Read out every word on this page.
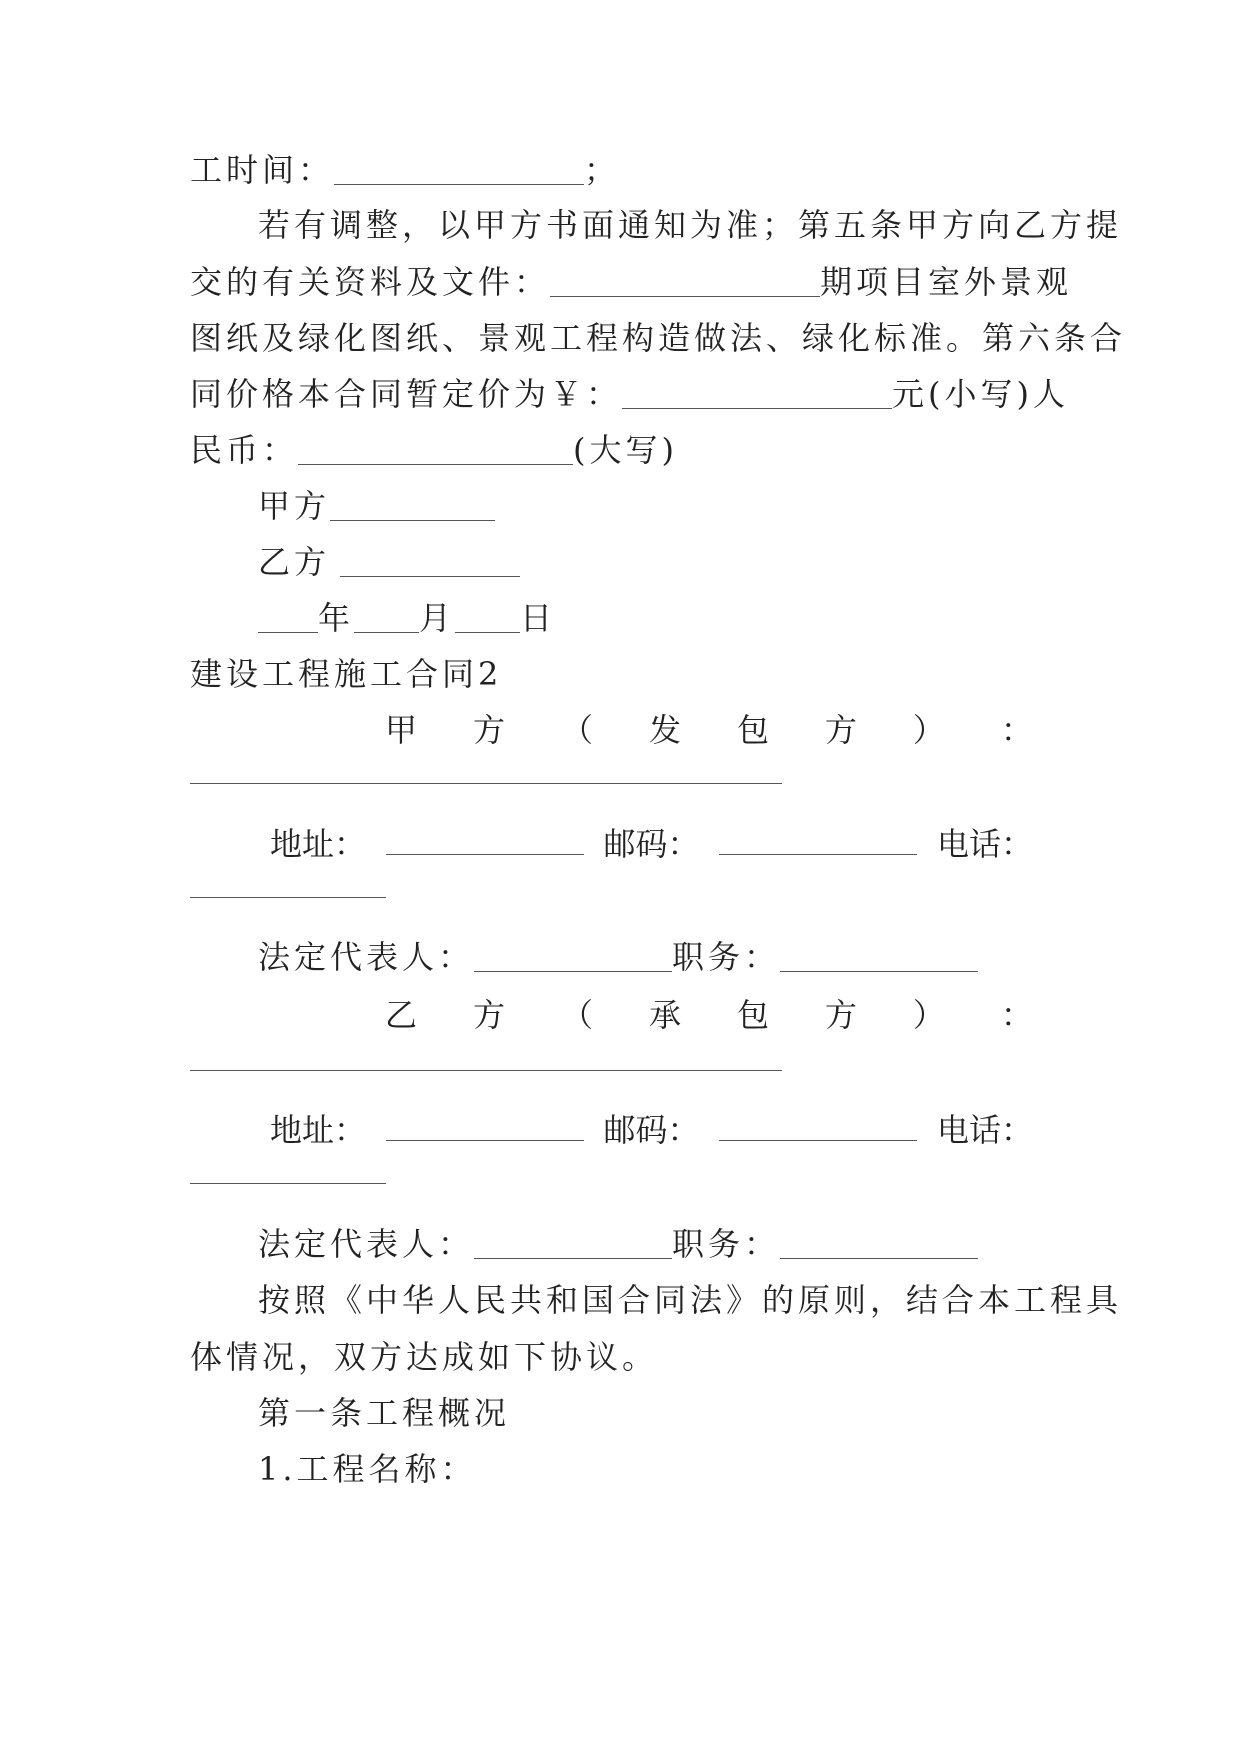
工时间：	；
若有调整，以甲方书面通知为准；第五条甲方向乙方提
交的有关资料及文件：	期项目室外景观
图纸及绿化图纸、景观工程构造做法、绿化标准。第六条合
同价格本合同暂定价为￥：	元(小写)人
民币：	(大写)
甲方
乙方
年 月 日
建设工程施工合同2
甲 方 （ 发 包 方 ） ：
地址：	邮码：	电话：
法定代表人：	职务：
乙 方 （ 承 包 方 ） ：
地址：	邮码：	电话：
法定代表人：	职务：
按照《中华人民共和国合同法》的原则，结合本工程具
体情况，双方达成如下协议。
第一条工程概况
1.工程名称：
